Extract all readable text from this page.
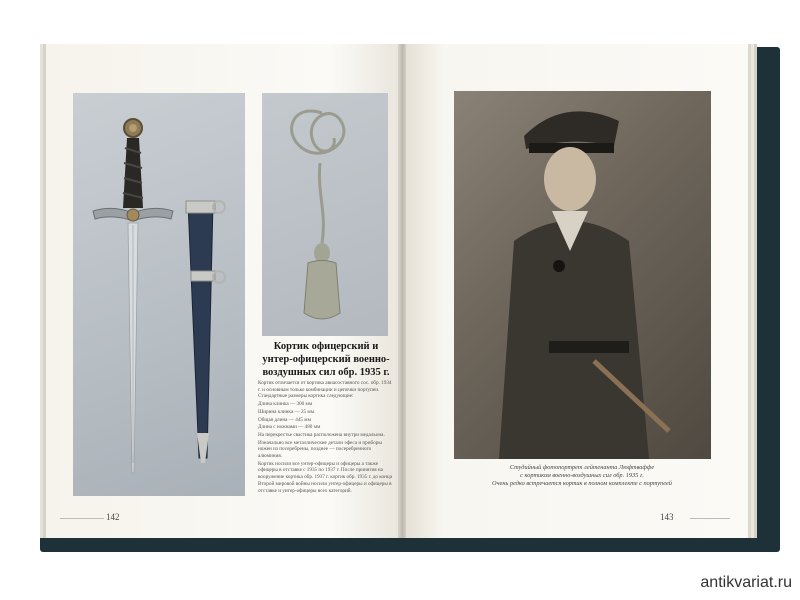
Кортик офицерский и унтер-офицерский военно-воздушных сил обр. 1935 г.

Кортик отличается от кортика авиасоставного сос. обр. 1934 г. и основным только комбинации и цепочки портупеи. Стандартные размеры кортика следующие:

Длина клинка — 300 мм

Ширина клинка — 25 мм

Общая длина — 445 мм

Длина с ножнами — 480 мм

На перекрестье свастика расположена внутри медальона.

Изначально все металлические детали эфеса и приборы ножен из посеребрены, позднее — посеребренного алюминия.

Кортик носили все унтер-офицеры и офицеры а также офицеры в отставке с 1935 по 1937 г. После принятия на вооружение кортика обр. 1937 г. кортик обр. 1935 г. до конца Второй мировой войны носили унтер-офицеры и офицеры в отставке и унтер-офицеры всех категорий.

142
Студийный фотопортрет лейтенанта Люфтваффе
с кортиком военно-воздушных сил обр. 1935 г.
Очень редко встречается кортик в полном комплекте с портупеей
143
antikvariat.ru
